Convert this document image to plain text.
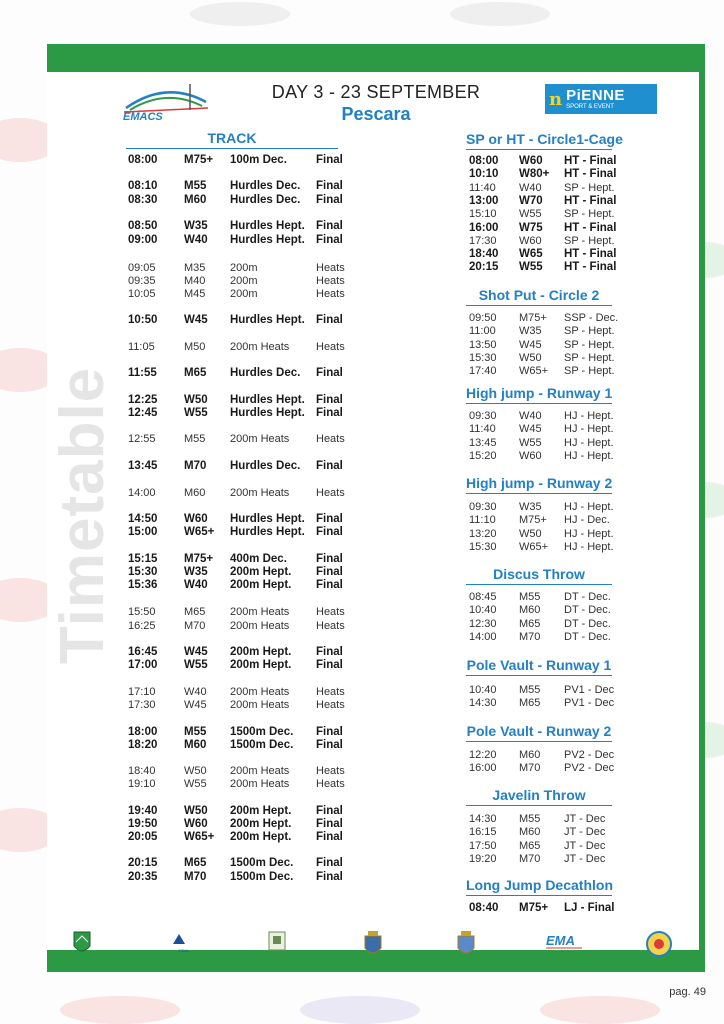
Timetable
EMACS
n PiENNE
SPORT & EVENT
DAY 3 - 23 SEPTEMBER
Pescara
TRACK
08:00 M75+ 100m Dec.	Final
08:10 M55 Hurdles Dec. Final
08:30 M60 Hurdles Dec. Final
08:50 W35 Hurdles Hept. Final
09:00 W40 Hurdles Hept. Final
09:05	M35 200m	Heats
09:35	M40 200m	Heats
10:05	M45 200m	Heats
10:50 W45 Hurdles Hept. Final
11:05	M50 200m Heats Heats
11:55 M65 Hurdles Dec. Final
12:25 W50 Hurdles Hept. Final
12:45 W55 Hurdles Hept. Final
12:55	M55 200m Heats Heats
13:45 M70 Hurdles Dec. Final
14:00	M60 200m Heats Heats
14:50 W60 Hurdles Hept. Final
15:00 W65+ Hurdles Hept. Final
15:15 M75+ 400m Dec.	Final
15:30 W35 200m Hept. Final
15:36 W40 200m Hept. Final
15:50	M65 200m Heats Heats
16:25	M70 200m Heats Heats
16:45 W45 200m Hept. Final
17:00 W55 200m Hept. Final
17:10	W40 200m Heats Heats
17:30	W45 200m Heats Heats
18:00 M55 1500m Dec. Final
18:20 M60 1500m Dec. Final
18:40	W50 200m Heats Heats
19:10	W55 200m Heats Heats
19:40 W50 200m Hept. Final
19:50 W60 200m Hept. Final
20:05 W65+ 200m Hept. Final
20:15 M65 1500m Dec. Final
20:35 M70 1500m Dec. Final
SP or HT - Circle1-Cage
08:00 W60 HT - Final
10:10 W80+ HT - Final
11:40 W40 SP - Hept.
13:00 W70 HT - Final
15:10 W55 SP - Hept.
16:00 W75 HT - Final
17:30 W60 SP - Hept.
18:40 W65 HT - Final
20:15 W55 HT - Final
Shot Put - Circle 2
09:50 M75+ SSP - Dec.
11:00 W35 SP - Hept.
13:50 W45 SP - Hept.
15:30 W50 SP - Hept.
17:40 W65+ SP - Hept.
High jump - Runway 1
09:30 W40 HJ - Hept.
11:40 W45 HJ - Hept.
13:45 W55 HJ - Hept.
15:20 W60 HJ - Hept.
High jump - Runway 2
09:30 W35 HJ - Hept.
11:10 M75+ HJ - Dec.
13:20 W50 HJ - Hept.
15:30 W65+ HJ - Hept.
Discus Throw
08:45 M55 DT - Dec.
10:40 M60 DT - Dec.
12:30 M65 DT - Dec.
14:00 M70 DT - Dec.
Pole Vault - Runway 1
10:40 M55 PV1 - Dec
14:30 M65 PV1 - Dec
Pole Vault - Runway 2
12:20 M60 PV2 - Dec
16:00 M70 PV2 - Dec
Javelin Throw
14:30 M55 JT - Dec
16:15 M60 JT - Dec
17:50 M65 JT - Dec
19:20 M70 JT - Dec
Long Jump Decathlon
08:40 M75+ LJ - Final
FIDAL
EMA
pag. 49
